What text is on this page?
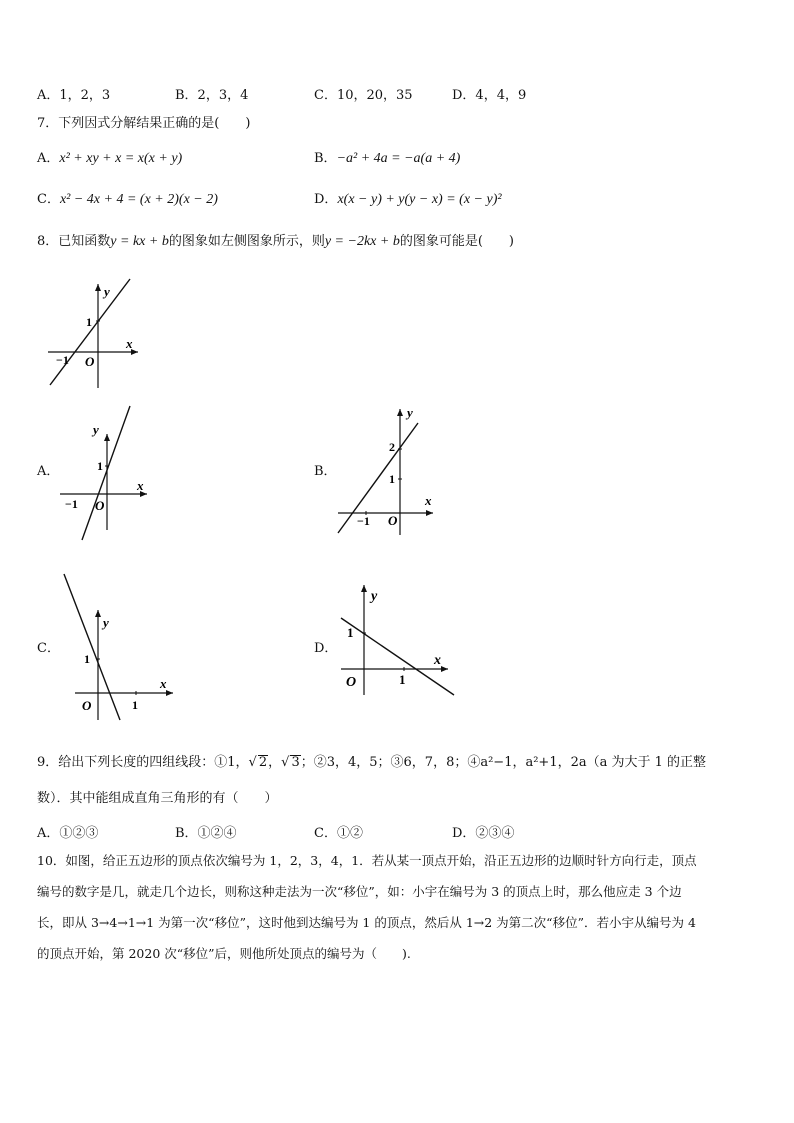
A．1，2，3	B．2，3，4	C．10，20，35	D．4，4，9
7．下列因式分解结果正确的是(　　)
A．x² + xy + x = x(x + y)	B．−a² + 4a = −a(a + 4)
C．x² − 4x + 4 = (x + 2)(x − 2)	D．x(x − y) + y(y − x) = (x − y)²
8．已知函数y = kx + b的图象如左侧图象所示，则y = −2kx + b的图象可能是(　　)
y
x
O
1
−1
A．
y
x
O
1
−1
B．
y
x
O
2
1
−1
C．
y
x
O
1
1
D．
y
x
O
1
1
9．给出下列长度的四组线段：①1，√ 2，√ 3；②3，4，5；③6，7，8；④a²−1，a²+1，2a（a 为大于 1 的正整
数）．其中能组成直角三角形的有（　　）
A．①②③	B．①②④	C．①②	D．②③④
10．如图，给正五边形的顶点依次编号为 1，2，3，4，1．若从某一顶点开始，沿正五边形的边顺时针方向行走，顶点
编号的数字是几，就走几个边长，则称这种走法为一次“移位”，如：小宇在编号为 3 的顶点上时，那么他应走 3 个边
长，即从 3→4→1→1 为第一次“移位”，这时他到达编号为 1 的顶点，然后从 1→2 为第二次“移位”．若小宇从编号为 4
的顶点开始，第 2020 次“移位”后，则他所处顶点的编号为（　　).
